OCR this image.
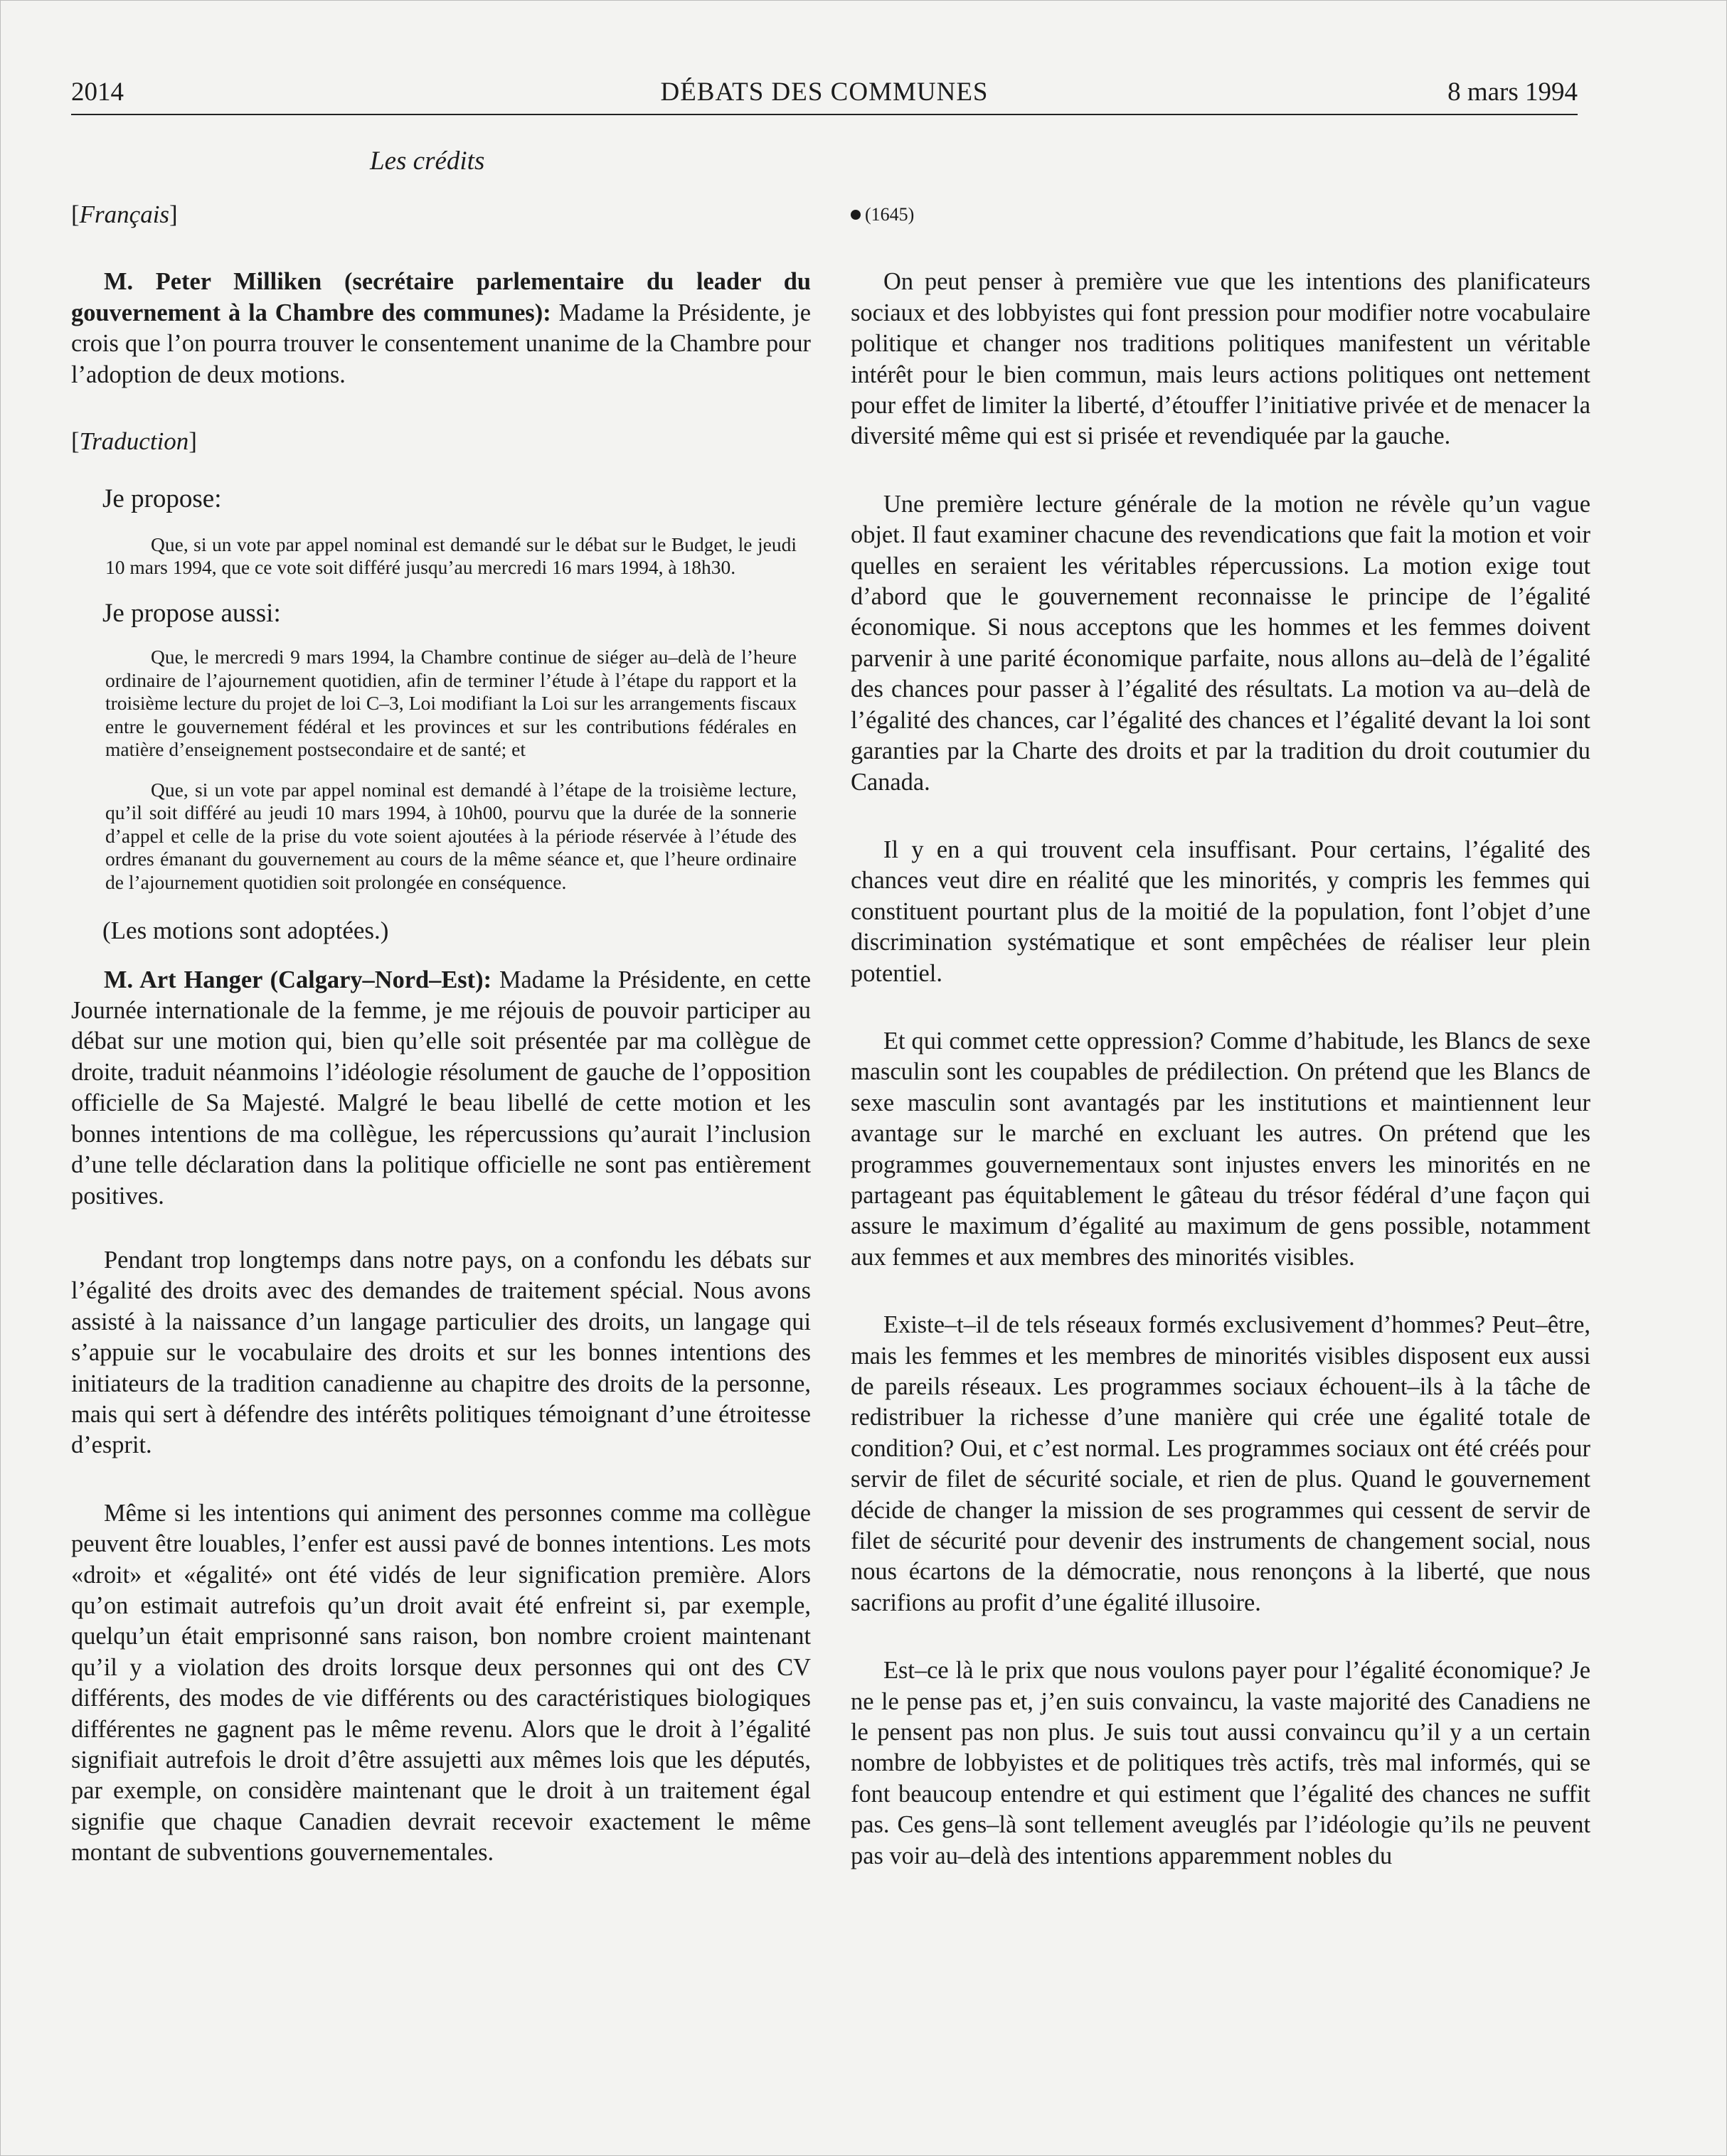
2014	DÉBATS DES COMMUNES	8 mars 1994
Les crédits

[Français]

M. Peter Milliken (secrétaire parlementaire du leader du gouvernement à la Chambre des communes): Madame la Présidente, je crois que l’on pourra trouver le consentement unanime de la Chambre pour l’adoption de deux motions.

[Traduction]

Je propose:

Que, si un vote par appel nominal est demandé sur le débat sur le Budget, le jeudi 10 mars 1994, que ce vote soit différé jusqu’au mercredi 16 mars 1994, à 18h30.

Je propose aussi:

Que, le mercredi 9 mars 1994, la Chambre continue de siéger au–delà de l’heure ordinaire de l’ajournement quotidien, afin de terminer l’étude à l’étape du rapport et la troisième lecture du projet de loi C–3, Loi modifiant la Loi sur les arrangements fiscaux entre le gouvernement fédéral et les provinces et sur les contributions fédérales en matière d’enseignement postsecondaire et de santé; et

Que, si un vote par appel nominal est demandé à l’étape de la troisième lecture, qu’il soit différé au jeudi 10 mars 1994, à 10h00, pourvu que la durée de la sonnerie d’appel et celle de la prise du vote soient ajoutées à la période réservée à l’étude des ordres émanant du gouvernement au cours de la même séance et, que l’heure ordinaire de l’ajournement quotidien soit prolongée en conséquence.

(Les motions sont adoptées.)

M. Art Hanger (Calgary–Nord–Est): Madame la Présidente, en cette Journée internationale de la femme, je me réjouis de pouvoir participer au débat sur une motion qui, bien qu’elle soit présentée par ma collègue de droite, traduit néanmoins l’idéologie résolument de gauche de l’opposition officielle de Sa Majesté. Malgré le beau libellé de cette motion et les bonnes intentions de ma collègue, les répercussions qu’aurait l’inclusion d’une telle déclaration dans la politique officielle ne sont pas entièrement positives.

Pendant trop longtemps dans notre pays, on a confondu les débats sur l’égalité des droits avec des demandes de traitement spécial. Nous avons assisté à la naissance d’un langage particulier des droits, un langage qui s’appuie sur le vocabulaire des droits et sur les bonnes intentions des initiateurs de la tradition canadienne au chapitre des droits de la personne, mais qui sert à défendre des intérêts politiques témoignant d’une étroitesse d’esprit.

Même si les intentions qui animent des personnes comme ma collègue peuvent être louables, l’enfer est aussi pavé de bonnes intentions. Les mots «droit» et «égalité» ont été vidés de leur signification première. Alors qu’on estimait autrefois qu’un droit avait été enfreint si, par exemple, quelqu’un était emprisonné sans raison, bon nombre croient maintenant qu’il y a violation des droits lorsque deux personnes qui ont des CV différents, des modes de vie différents ou des caractéristiques biologiques différentes ne gagnent pas le même revenu. Alors que le droit à l’égalité signifiait autrefois le droit d’être assujetti aux mêmes lois que les députés, par exemple, on considère maintenant que le droit à un traitement égal signifie que chaque Canadien devrait recevoir exactement le même montant de subventions gouvernementales.

(1645)

On peut penser à première vue que les intentions des planificateurs sociaux et des lobbyistes qui font pression pour modifier notre vocabulaire politique et changer nos traditions politiques manifestent un véritable intérêt pour le bien commun, mais leurs actions politiques ont nettement pour effet de limiter la liberté, d’étouffer l’initiative privée et de menacer la diversité même qui est si prisée et revendiquée par la gauche.

Une première lecture générale de la motion ne révèle qu’un vague objet. Il faut examiner chacune des revendications que fait la motion et voir quelles en seraient les véritables répercussions. La motion exige tout d’abord que le gouvernement reconnaisse le principe de l’égalité économique. Si nous acceptons que les hommes et les femmes doivent parvenir à une parité économique parfaite, nous allons au–delà de l’égalité des chances pour passer à l’égalité des résultats. La motion va au–delà de l’égalité des chances, car l’égalité des chances et l’égalité devant la loi sont garanties par la Charte des droits et par la tradition du droit coutumier du Canada.

Il y en a qui trouvent cela insuffisant. Pour certains, l’égalité des chances veut dire en réalité que les minorités, y compris les femmes qui constituent pourtant plus de la moitié de la population, font l’objet d’une discrimination systématique et sont empêchées de réaliser leur plein potentiel.

Et qui commet cette oppression? Comme d’habitude, les Blancs de sexe masculin sont les coupables de prédilection. On prétend que les Blancs de sexe masculin sont avantagés par les institutions et maintiennent leur avantage sur le marché en excluant les autres. On prétend que les programmes gouvernementaux sont injustes envers les minorités en ne partageant pas équitablement le gâteau du trésor fédéral d’une façon qui assure le maximum d’égalité au maximum de gens possible, notamment aux femmes et aux membres des minorités visibles.

Existe–t–il de tels réseaux formés exclusivement d’hommes? Peut–être, mais les femmes et les membres de minorités visibles disposent eux aussi de pareils réseaux. Les programmes sociaux échouent–ils à la tâche de redistribuer la richesse d’une manière qui crée une égalité totale de condition? Oui, et c’est normal. Les programmes sociaux ont été créés pour servir de filet de sécurité sociale, et rien de plus. Quand le gouvernement décide de changer la mission de ses programmes qui cessent de servir de filet de sécurité pour devenir des instruments de changement social, nous nous écartons de la démocratie, nous renonçons à la liberté, que nous sacrifions au profit d’une égalité illusoire.

Est–ce là le prix que nous voulons payer pour l’égalité économique? Je ne le pense pas et, j’en suis convaincu, la vaste majorité des Canadiens ne le pensent pas non plus. Je suis tout aussi convaincu qu’il y a un certain nombre de lobbyistes et de politiques très actifs, très mal informés, qui se font beaucoup entendre et qui estiment que l’égalité des chances ne suffit pas. Ces gens–là sont tellement aveuglés par l’idéologie qu’ils ne peuvent pas voir au–delà des intentions apparemment nobles du
